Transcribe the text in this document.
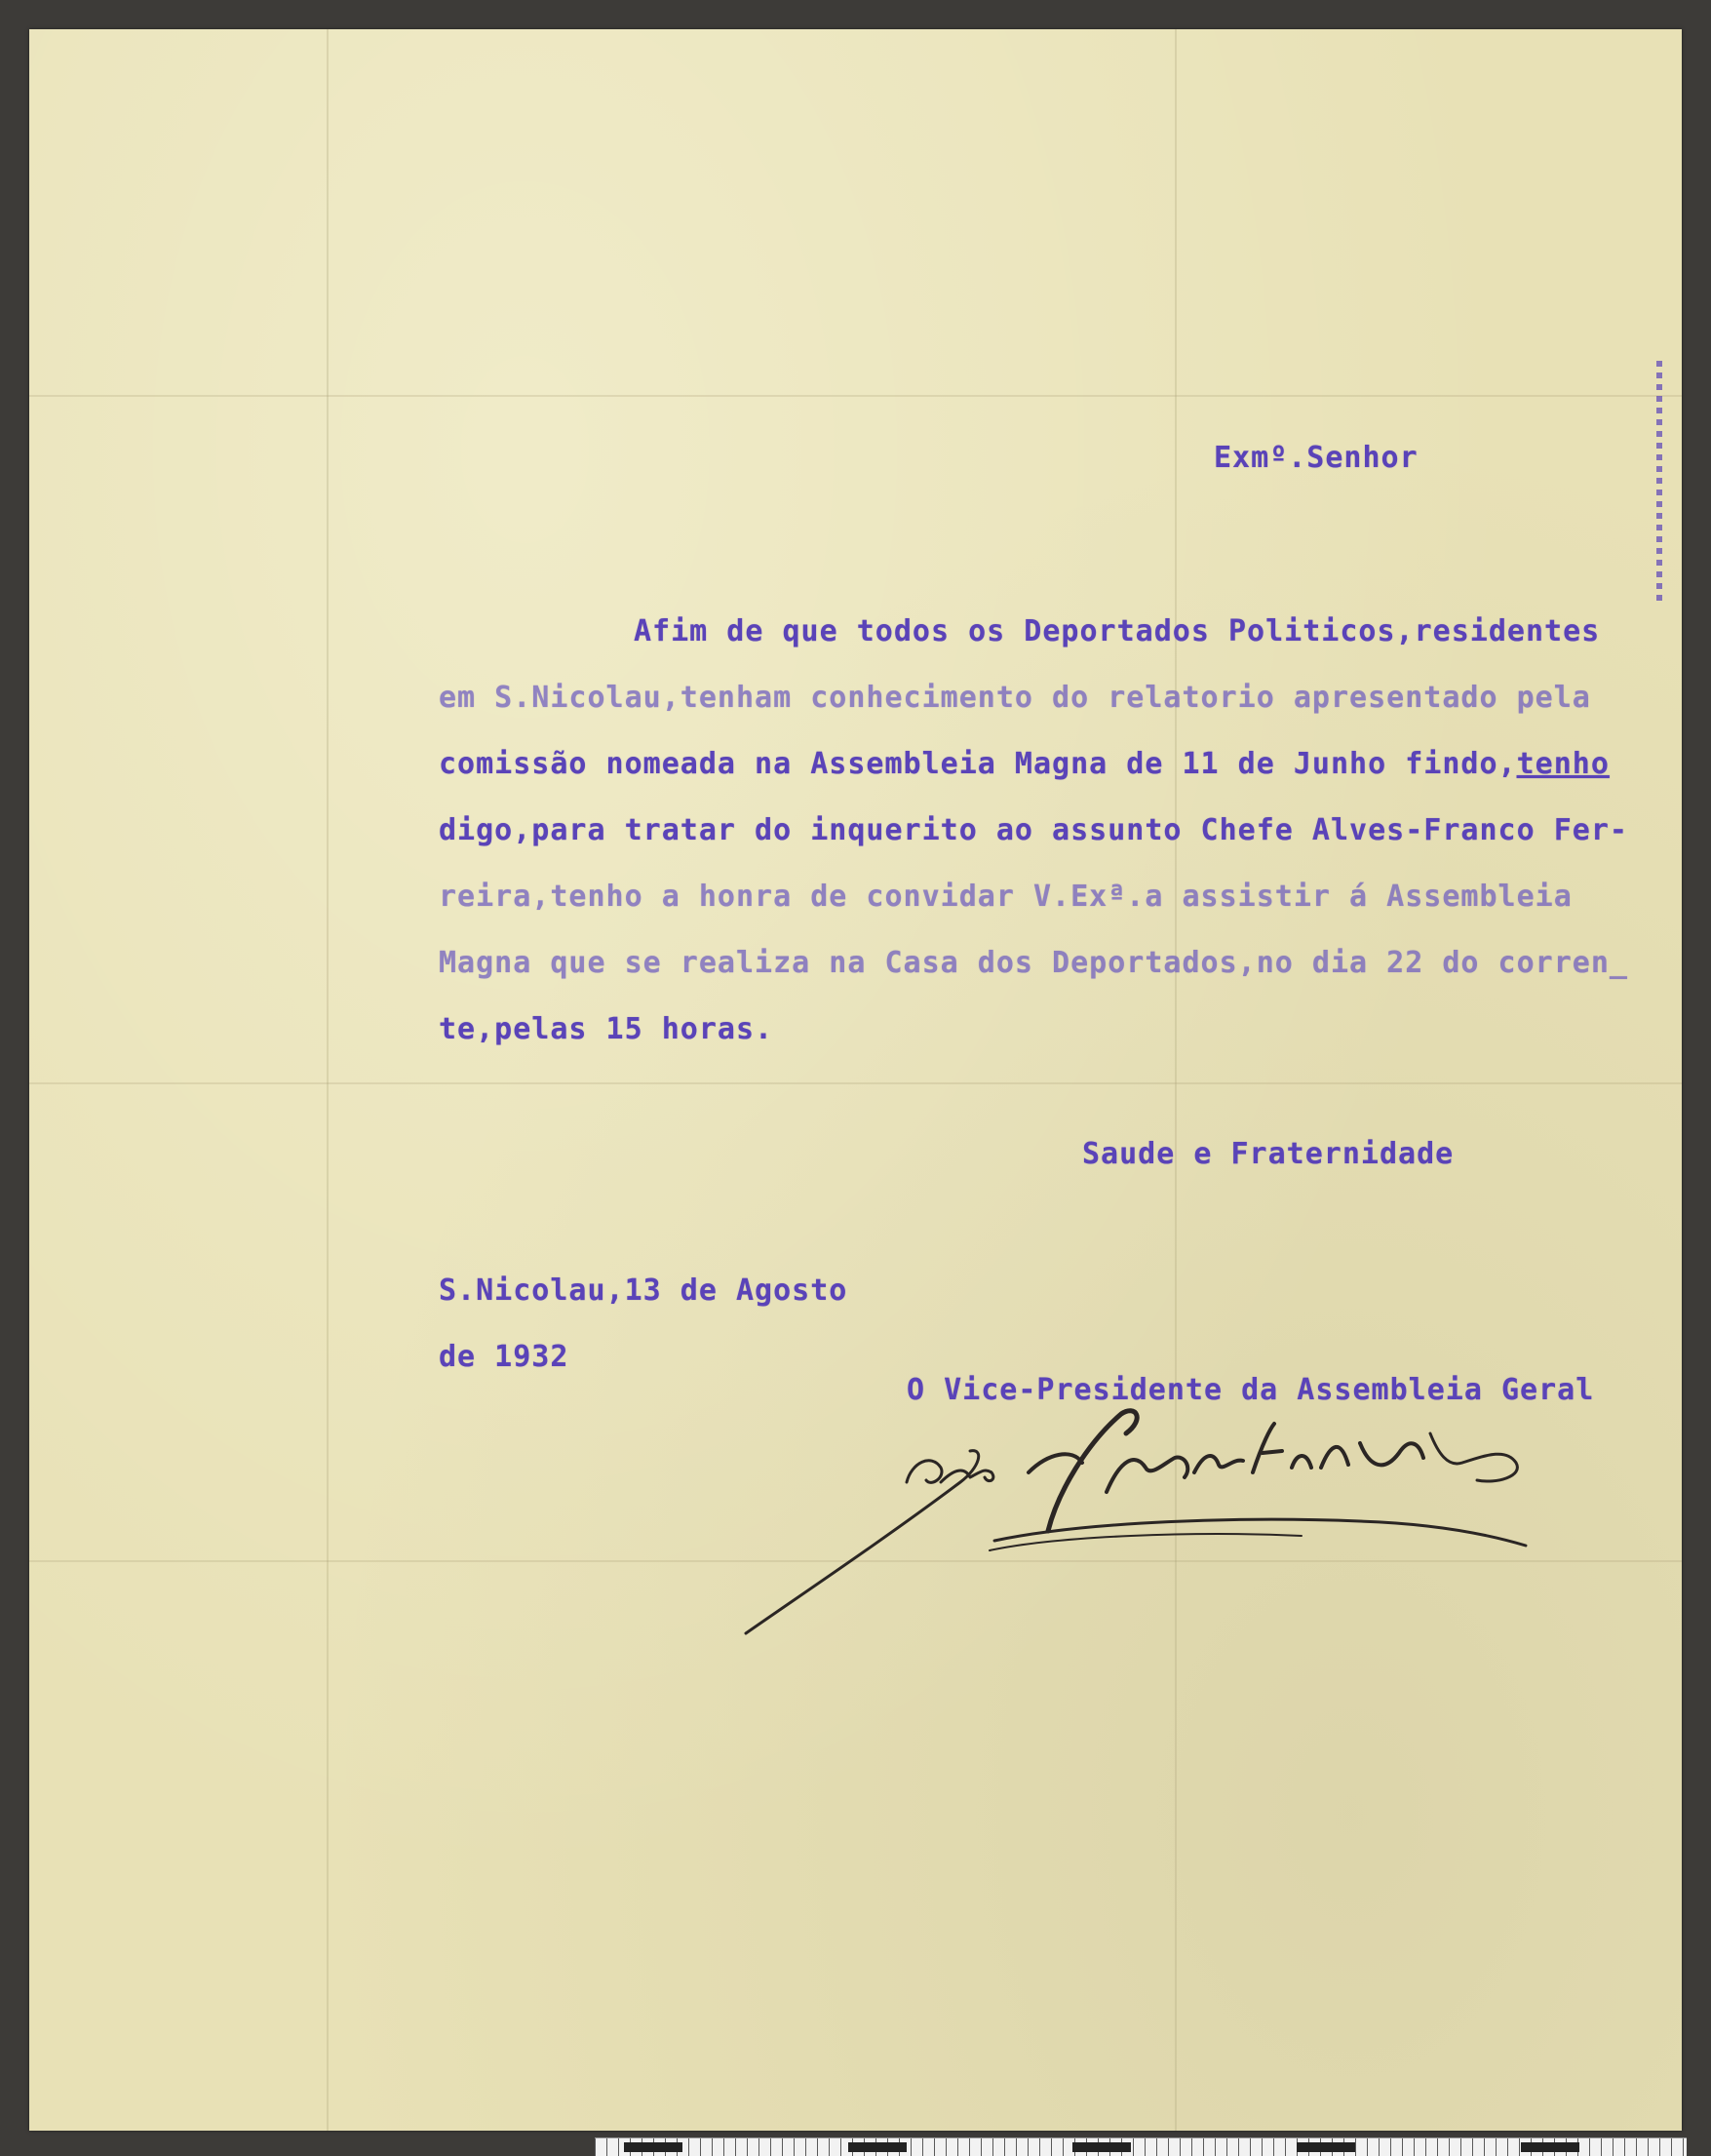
Exmº.Senhor
Afim de que todos os Deportados Politicos,residentes
em S.Nicolau,tenham conhecimento do relatorio apresentado pela
comissão nomeada na Assembleia Magna de 11 de Junho findo,tenho
digo,para tratar do inquerito ao assunto Chefe Alves-Franco Fer-
reira,tenho a honra de convidar V.Exª.a assistir á Assembleia
Magna que se realiza na Casa dos Deportados,no dia 22 do corren_
te,pelas 15 horas.
Saude e Fraternidade
S.Nicolau,13 de Agosto
de 1932
O Vice-Presidente da Assembleia Geral
José Martins Pita
